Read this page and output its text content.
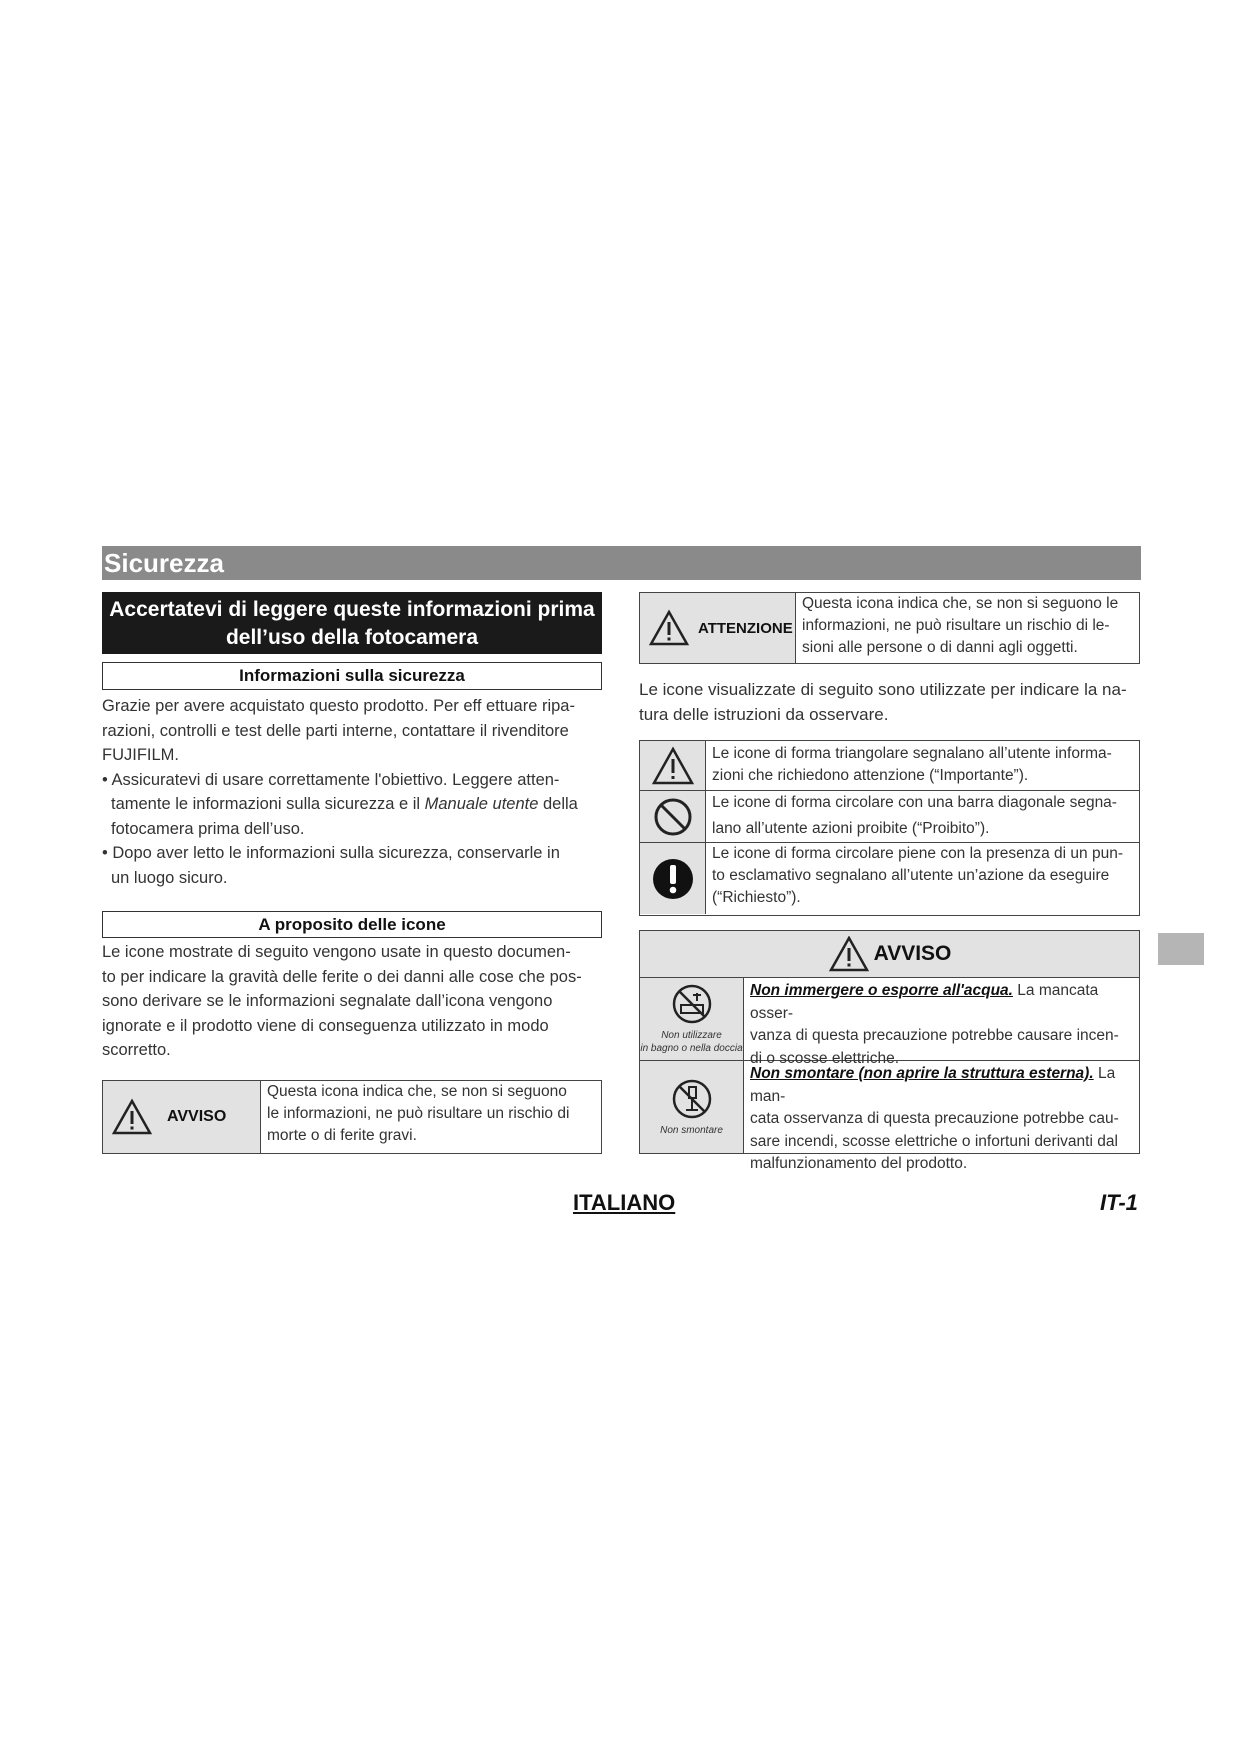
Sicurezza
Accertatevi di leggere queste informazioni prima
dell’uso della fotocamera
Informazioni sulla sicurezza
Grazie per avere acquistato questo prodotto. Per eff ettuare ripa-
razioni, controlli e test delle parti interne, contattare il rivenditore
FUJIFILM.
• Assicuratevi di usare correttamente l'obiettivo. Leggere atten-
tamente le informazioni sulla sicurezza e il Manuale utente della
fotocamera prima dell’uso.
• Dopo aver letto le informazioni sulla sicurezza, conservarle in
un luogo sicuro.
A proposito delle icone
Le icone mostrate di seguito vengono usate in questo documen-
to per indicare la gravità delle ferite o dei danni alle cose che pos-
sono derivare se le informazioni segnalate dall’icona vengono
ignorate e il prodotto viene di conseguenza utilizzato in modo
scorretto.
AVVISO
Questa icona indica che, se non si seguono
le informazioni, ne può risultare un rischio di
morte o di ferite gravi.
ATTENZIONE
Questa icona indica che, se non si seguono le
informazioni, ne può risultare un rischio di le-
sioni alle persone o di danni agli oggetti.
Le icone visualizzate di seguito sono utilizzate per indicare la na-
tura delle istruzioni da osservare.
Le icone di forma triangolare segnalano all’utente informa-
zioni che richiedono attenzione (“Importante”).
Le icone di forma circolare con una barra diagonale segna-
lano all’utente azioni proibite (“Proibito”).
Le icone di forma circolare piene con la presenza di un pun-
to esclamativo segnalano all’utente un’azione da eseguire
(“Richiesto”).
AVVISO
Non utilizzare
in bagno o nella doccia
Non immergere o esporre all'acqua. La mancata osser-
vanza di questa precauzione potrebbe causare incen-
di o scosse elettriche.
Non smontare
Non smontare (non aprire la struttura esterna). La man-
cata osservanza di questa precauzione potrebbe cau-
sare incendi, scosse elettriche o infortuni derivanti dal
malfunzionamento del prodotto.
ITALIANO	IT-1
